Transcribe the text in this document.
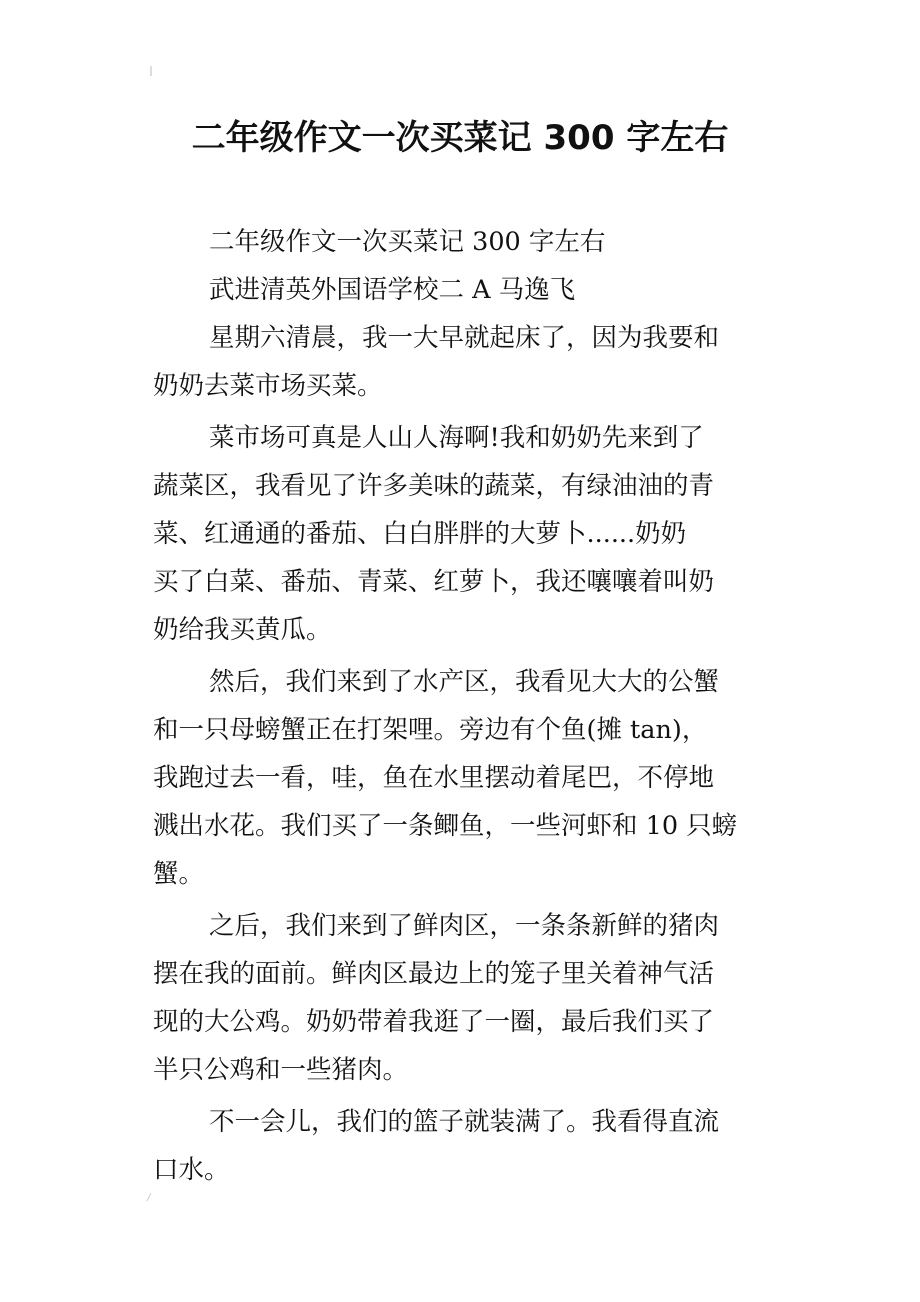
二年级作文一次买菜记 300 字左右
二年级作文一次买菜记 300 字左右
武进清英外国语学校二 A 马逸飞
星期六清晨，我一大早就起床了，因为我要和
奶奶去菜市场买菜。
菜市场可真是人山人海啊!我和奶奶先来到了
蔬菜区，我看见了许多美味的蔬菜，有绿油油的青
菜、红通通的番茄、白白胖胖的大萝卜......奶奶
买了白菜、番茄、青菜、红萝卜，我还嚷嚷着叫奶
奶给我买黄瓜。
然后，我们来到了水产区，我看见大大的公蟹
和一只母螃蟹正在打架哩。旁边有个鱼(摊 tan)，
我跑过去一看，哇，鱼在水里摆动着尾巴，不停地
溅出水花。我们买了一条鲫鱼，一些河虾和 10 只螃
蟹。
之后，我们来到了鲜肉区，一条条新鲜的猪肉
摆在我的面前。鲜肉区最边上的笼子里关着神气活
现的大公鸡。奶奶带着我逛了一圈，最后我们买了
半只公鸡和一些猪肉。
不一会儿，我们的篮子就装满了。我看得直流
口水。
